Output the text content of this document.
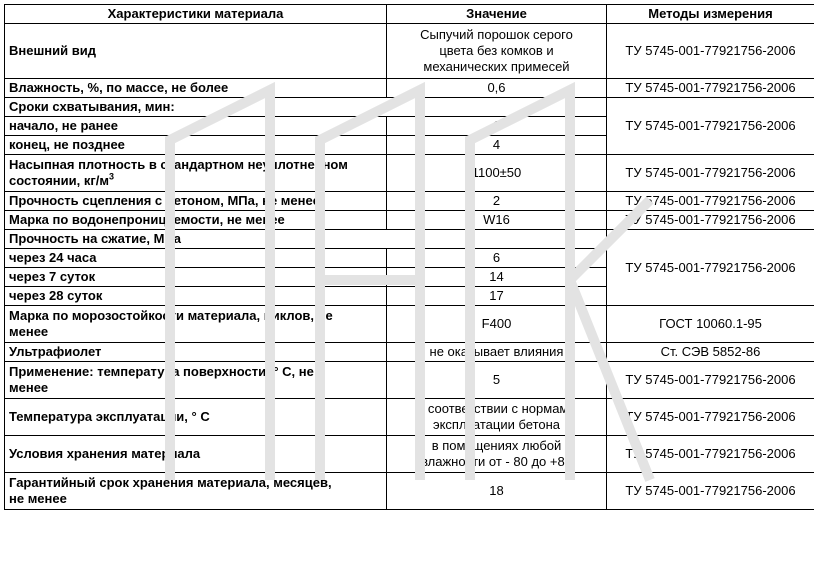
Характеристики материала	Значение	Методы измерения
Внешний вид	Сыпучий порошок серого
цвета без комков и
механических примесей	ТУ 5745-001-77921756-2006
Влажность, %, по массе, не более	0,6	ТУ 5745-001-77921756-2006
Сроки схватывания, мин:		ТУ 5745-001-77921756-2006
начало, не ранее	1	
конец, не позднее	4	

Насыпная плотность в стандартном неуплотненном
состоянии, $кг/м^3$	1100±50	ТУ 5745-001-77921756-2006
Прочность сцепления с бетоном, МПа, не менее	2	ТУ 5745-001-77921756-2006
Марка по водонепроницаемости, не менее	W16	ТУ 5745-001-77921756-2006
Прочность на сжатие, МПа		ТУ 5745-001-77921756-2006
через 24 часа	6	
через 7 суток	14	
через 28 суток	17	

Марка по морозостойкости материала, циклов, не
менее	F400	ГОСТ 10060.1-95
Ультрафиолет	не оказывает влияния	Ст. СЭВ 5852-86

Применение: температура поверхности, ° С, не
менее	5	ТУ 5745-001-77921756-2006
Температура эксплуатации, ° С	в соответствии с нормами
эксплуатации бетона	ТУ 5745-001-77921756-2006
Условия хранения материала	в помещениях любой
влажности от - 80 до +80	ТУ 5745-001-77921756-2006

Гарантийный срок хранения материала, месяцев,
не менее	18	ТУ 5745-001-77921756-2006
